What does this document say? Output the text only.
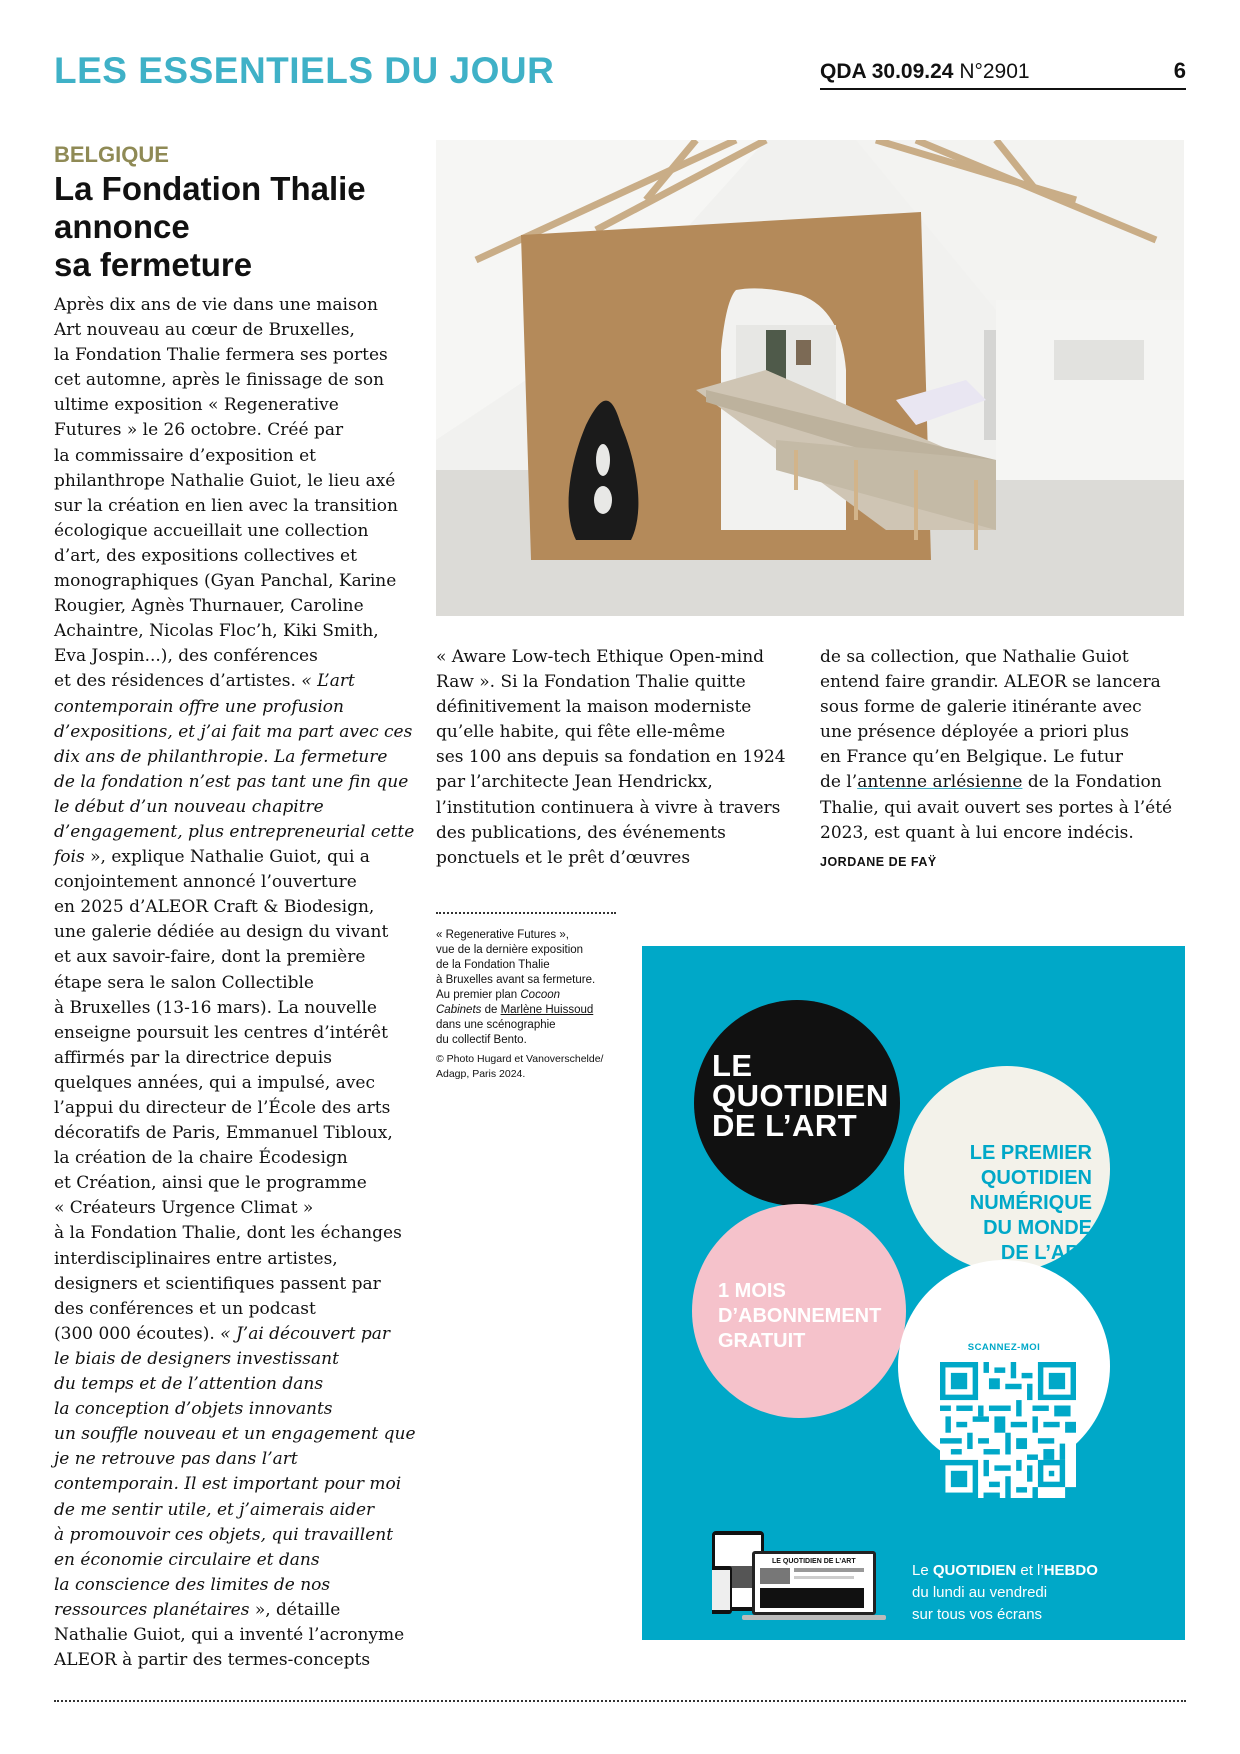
LES ESSENTIELS DU JOUR	QDA 30.09.24 N°2901	6
BELGIQUE
La Fondation Thalie
annonce
sa fermeture
Après dix ans de vie dans une maison
Art nouveau au cœur de Bruxelles,
la Fondation Thalie fermera ses portes
cet automne, après le finissage de son
ultime exposition « Regenerative
Futures » le 26 octobre. Créé par
la commissaire d’exposition et
philanthrope Nathalie Guiot, le lieu axé
sur la création en lien avec la transition
écologique accueillait une collection
d’art, des expositions collectives et
monographiques (Gyan Panchal, Karine
Rougier, Agnès Thurnauer, Caroline
Achaintre, Nicolas Floc’h, Kiki Smith,
Eva Jospin...), des conférences
et des résidences d’artistes. « L’art
contemporain offre une profusion
d’expositions, et j’ai fait ma part avec ces
dix ans de philanthropie. La fermeture
de la fondation n’est pas tant une fin que
le début d’un nouveau chapitre
d’engagement, plus entrepreneurial cette
fois », explique Nathalie Guiot, qui a
conjointement annoncé l’ouverture
en 2025 d’ALEOR Craft & Biodesign,
une galerie dédiée au design du vivant
et aux savoir-faire, dont la première
étape sera le salon Collectible
à Bruxelles (13-16 mars). La nouvelle
enseigne poursuit les centres d’intérêt
affirmés par la directrice depuis
quelques années, qui a impulsé, avec
l’appui du directeur de l’École des arts
décoratifs de Paris, Emmanuel Tibloux,
la création de la chaire Écodesign
et Création, ainsi que le programme
« Créateurs Urgence Climat »
à la Fondation Thalie, dont les échanges
interdisciplinaires entre artistes,
designers et scientifiques passent par
des conférences et un podcast
(300 000 écoutes). « J’ai découvert par
le biais de designers investissant
du temps et de l’attention dans
la conception d’objets innovants
un souffle nouveau et un engagement que
je ne retrouve pas dans l’art
contemporain. Il est important pour moi
de me sentir utile, et j’aimerais aider
à promouvoir ces objets, qui travaillent
en économie circulaire et dans
la conscience des limites de nos
ressources planétaires », détaille
Nathalie Guiot, qui a inventé l’acronyme
ALEOR à partir des termes-concepts
« Aware Low-tech Ethique Open-mind
Raw ». Si la Fondation Thalie quitte
définitivement la maison moderniste
qu’elle habite, qui fête elle-même
ses 100 ans depuis sa fondation en 1924
par l’architecte Jean Hendrickx,
l’institution continuera à vivre à travers
des publications, des événements
ponctuels et le prêt d’œuvres
de sa collection, que Nathalie Guiot
entend faire grandir. ALEOR se lancera
sous forme de galerie itinérante avec
une présence déployée a priori plus
en France qu’en Belgique. Le futur
de l’antenne arlésienne de la Fondation
Thalie, qui avait ouvert ses portes à l’été
2023, est quant à lui encore indécis.
JORDANE DE FAŸ

« Regenerative Futures »,

vue de la dernière exposition

de la Fondation Thalie

à Bruxelles avant sa fermeture.

Au premier plan Cocoon

Cabinets de Marlène Huissoud

dans une scénographie

du collectif Bento.

© Photo Hugard et Vanoverschelde/
Adagp, Paris 2024.	LE
QUOTIDIEN
DE L’ART
LE PREMIER
QUOTIDIEN
NUMÉRIQUE
DU MONDE
DE L’ART
1 MOIS
D’ABONNEMENT
GRATUIT	SCANNEZ-MOI
LE QUOTIDIEN DE L’ART
Le QUOTIDIEN et l’HEBDO
du lundi au vendredi
sur tous vos écrans
